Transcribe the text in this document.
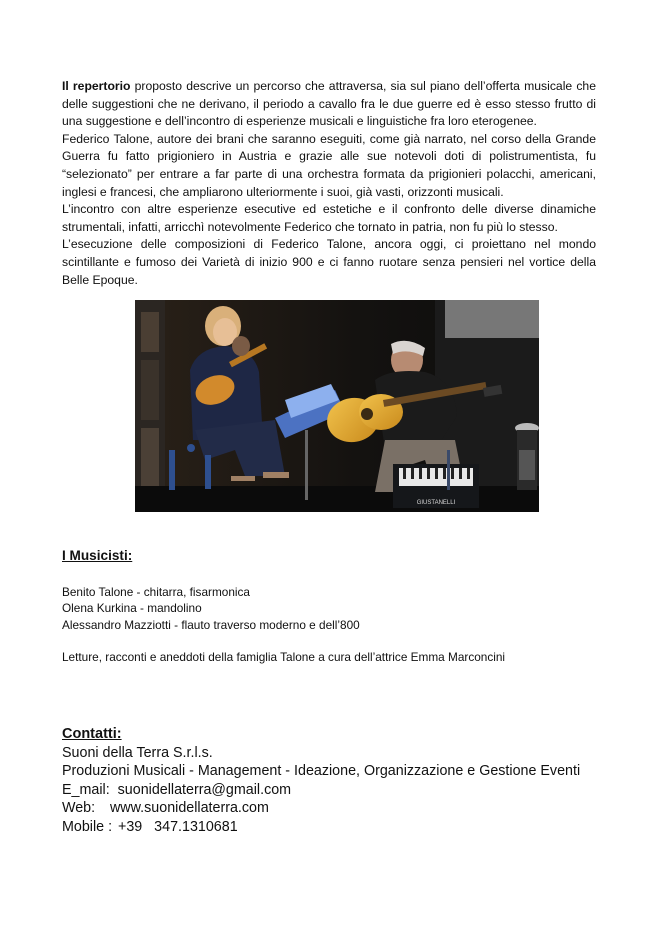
Il repertorio proposto descrive un percorso che attraversa, sia sul piano dell’offerta musicale che delle suggestioni che ne derivano, il periodo a cavallo fra le due guerre ed è esso stesso frutto di una suggestione e dell’incontro di esperienze musicali e linguistiche fra loro eterogenee.

Federico Talone, autore dei brani che saranno eseguiti, come già narrato, nel corso della Grande Guerra fu fatto prigioniero in Austria e grazie alle sue notevoli doti di polistrumentista, fu “selezionato” per entrare a far parte di una orchestra formata da prigionieri polacchi, americani, inglesi e francesi, che ampliarono ulteriormente i suoi, già vasti, orizzonti musicali.

L’incontro con altre esperienze esecutive ed estetiche e il confronto delle diverse dinamiche strumentali, infatti, arricchì notevolmente Federico che tornato in patria, non fu più lo stesso.

L’esecuzione delle composizioni di Federico Talone, ancora oggi, ci proiettano nel mondo scintillante e fumoso dei Varietà di inizio 900 e ci fanno ruotare senza pensieri nel vortice della Belle Epoque.

GIUSTANELLI
I Musicisti:
Benito Talone - chitarra, fisarmonica
Olena Kurkina - mandolino
Alessandro Mazziotti - flauto traverso moderno e dell’800

Letture, racconti e aneddoti della famiglia Talone a cura dell’attrice Emma Marconcini

Contatti:
Suoni della Terra S.r.l.s.
Produzioni Musicali - Management - Ideazione, Organizzazione e Gestione Eventi
E_mail: suonidellaterra@gmail.com
Web: www.suonidellaterra.com
Mobile : +39 347.1310681
